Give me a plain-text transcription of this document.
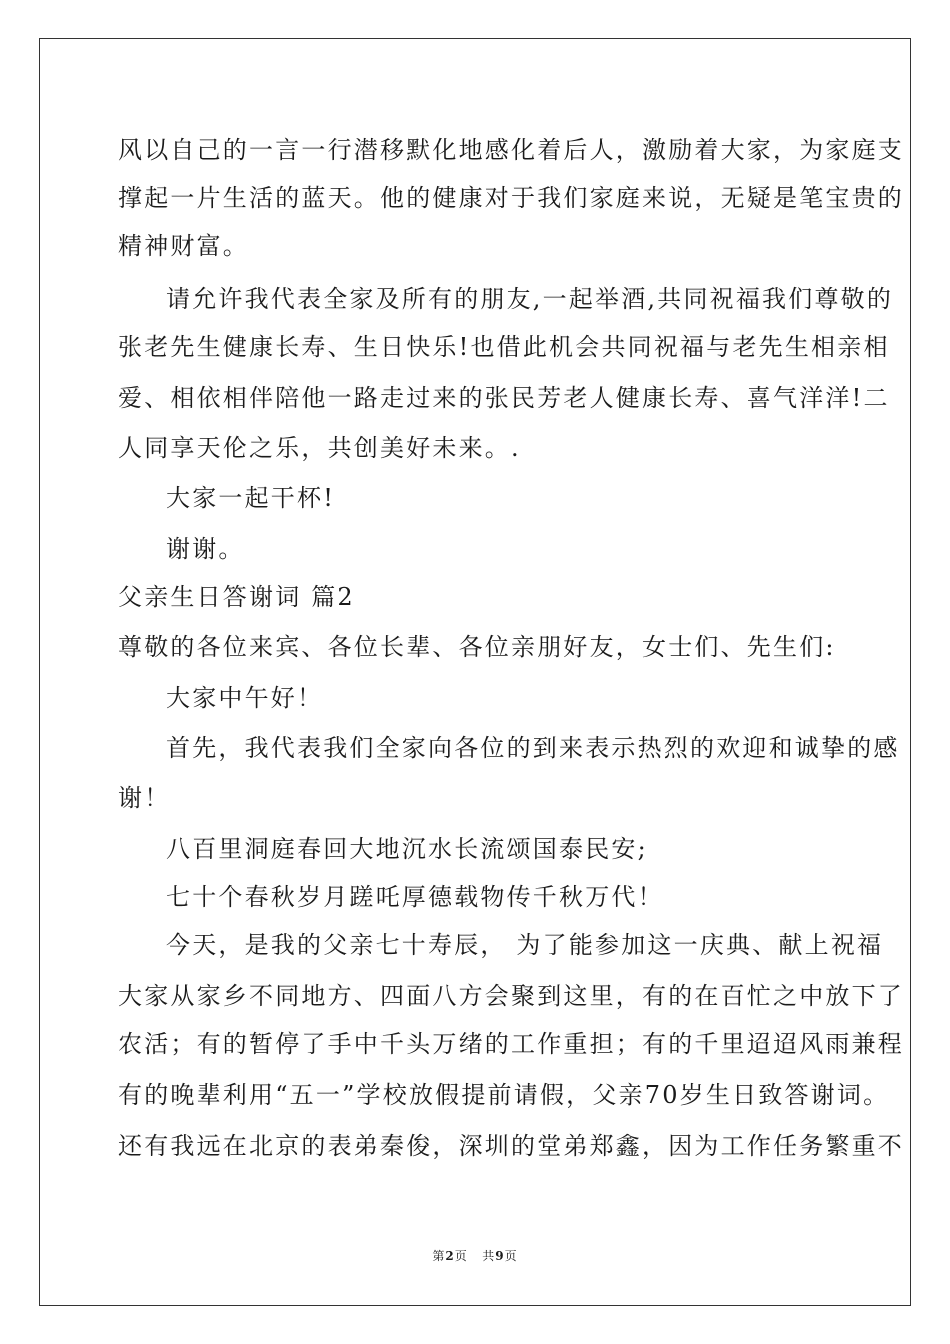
风以自己的一言一行潜移默化地感化着后人，激励着大家，为家庭支
撑起一片生活的蓝天。他的健康对于我们家庭来说，无疑是笔宝贵的
精神财富。
请允许我代表全家及所有的朋友,一起举酒,共同祝福我们尊敬的
张老先生健康长寿、生日快乐!也借此机会共同祝福与老先生相亲相
爱、相依相伴陪他一路走过来的张民芳老人健康长寿、喜气洋洋!二
人同享天伦之乐，共创美好未来。.
大家一起干杯!
谢谢。
父亲生日答谢词 篇2
尊敬的各位来宾、各位长辈、各位亲朋好友，女士们、先生们:
大家中午好！
首先，我代表我们全家向各位的到来表示热烈的欢迎和诚挚的感
谢！
八百里洞庭春回大地沉水长流颂国泰民安;
七十个春秋岁月蹉吒厚德载物传千秋万代！
今天，是我的父亲七十寿辰， 为了能参加这一庆典、献上祝福
大家从家乡不同地方、四面八方会聚到这里，有的在百忙之中放下了
农活；有的暂停了手中千头万绪的工作重担；有的千里迢迢风雨兼程
有的晚辈利用“五一”学校放假提前请假，父亲70岁生日致答谢词。
还有我远在北京的表弟秦俊，深圳的堂弟郑鑫，因为工作任务繁重不
第2页 共9页
